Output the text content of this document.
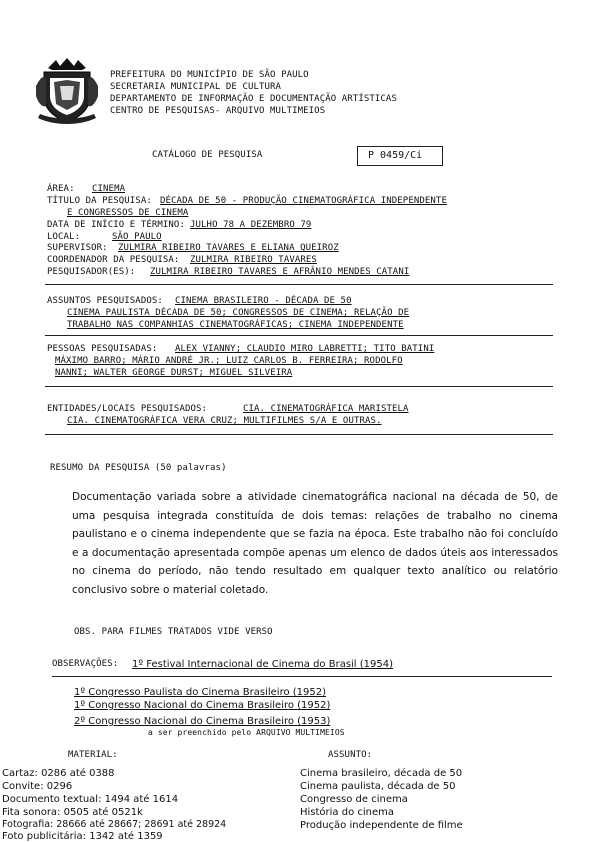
PREFEITURA DO MUNICÍPIO DE SÃO PAULO
SECRETARIA MUNICIPAL DE CULTURA
DEPARTAMENTO DE INFORMAÇÃO E DOCUMENTAÇÃO ARTÍSTICAS
CENTRO DE PESQUISAS- ARQUIVO MULTIMEIOS
CATÁLOGO DE PESQUISA	P 0459/Ci
ÁREA: CINEMA
TÍTULO DA PESQUISA: DÉCADA DE 50 - PRODUÇÃO CINEMATOGRÁFICA INDEPENDENTE
E CONGRESSOS DE CINEMA
DATA DE INÍCIO E TÉRMINO: JULHO 78 A DEZEMBRO 79
LOCAL:	SÃO PAULO
SUPERVISOR: ZULMIRA RIBEIRO TAVARES E ELIANA QUEIROZ
COORDENADOR DA PESQUISA: ZULMIRA RIBEIRO TAVARES
PESQUISADOR(ES): ZULMIRA RIBEIRO TAVARES E AFRÂNIO MENDES CATANI
ASSUNTOS PESQUISADOS: CINEMA BRASILEIRO - DÉCADA DE 50
CINEMA PAULISTA DÉCADA DE 50; CONGRESSOS DE CINEMA; RELAÇÃO DE
TRABALHO NAS COMPANHIAS CINEMATOGRÁFICAS; CINEMA INDEPENDENTE
PESSOAS PESQUISADAS: ALEX VIANNY; CLAUDIO MIRO LABRETTI; TITO BATINI
MÁXIMO BARRO; MÁRIO ANDRÉ JR.; LUIZ CARLOS B. FERREIRA; RODOLFO
NANNI; WALTER GEORGE DURST; MIGUEL SILVEIRA
ENTIDADES/LOCAIS PESQUISADOS:	CIA. CINEMATOGRÁFICA MARISTELA
CIA. CINEMATOGRÁFICA VERA CRUZ; MULTIFILMES S/A E OUTRAS.
RESUMO DA PESQUISA (50 palavras)

Documentação variada sobre a atividade cinematográfica nacional na década de 50, de uma pesquisa integrada constituída de dois temas: relações de trabalho no cinema paulistano e o cinema independente que se fazia na época. Este trabalho não foi concluído e a documentação apresentada compõe apenas um elenco de dados úteis aos interessados no cinema do período, não tendo resultado em qualquer texto analítico ou relatório conclusivo sobre o material coletado.

OBS. PARA FILMES TRATADOS VIDE VERSO
OBSERVAÇÕES: 1º Festival Internacional de Cinema do Brasil (1954)
1º Congresso Paulista do Cinema Brasileiro (1952)
1º Congresso Nacional do Cinema Brasileiro (1952)
2º Congresso Nacional do Cinema Brasileiro (1953)
a ser preenchido pelo ARQUIVO MULTIMEIOS
MATERIAL:
Cartaz: 0286 até 0388
Convite: 0296
Documento textual: 1494 até 1614
Fita sonora: 0505 até 0521k
Fotografia: 28666 até 28667; 28691 até 28924
Foto publicitária: 1342 até 1359
ASSUNTO:
Cinema brasileiro, década de 50
Cinema paulista, década de 50
Congresso de cinema
História do cinema
Produção independente de filme
